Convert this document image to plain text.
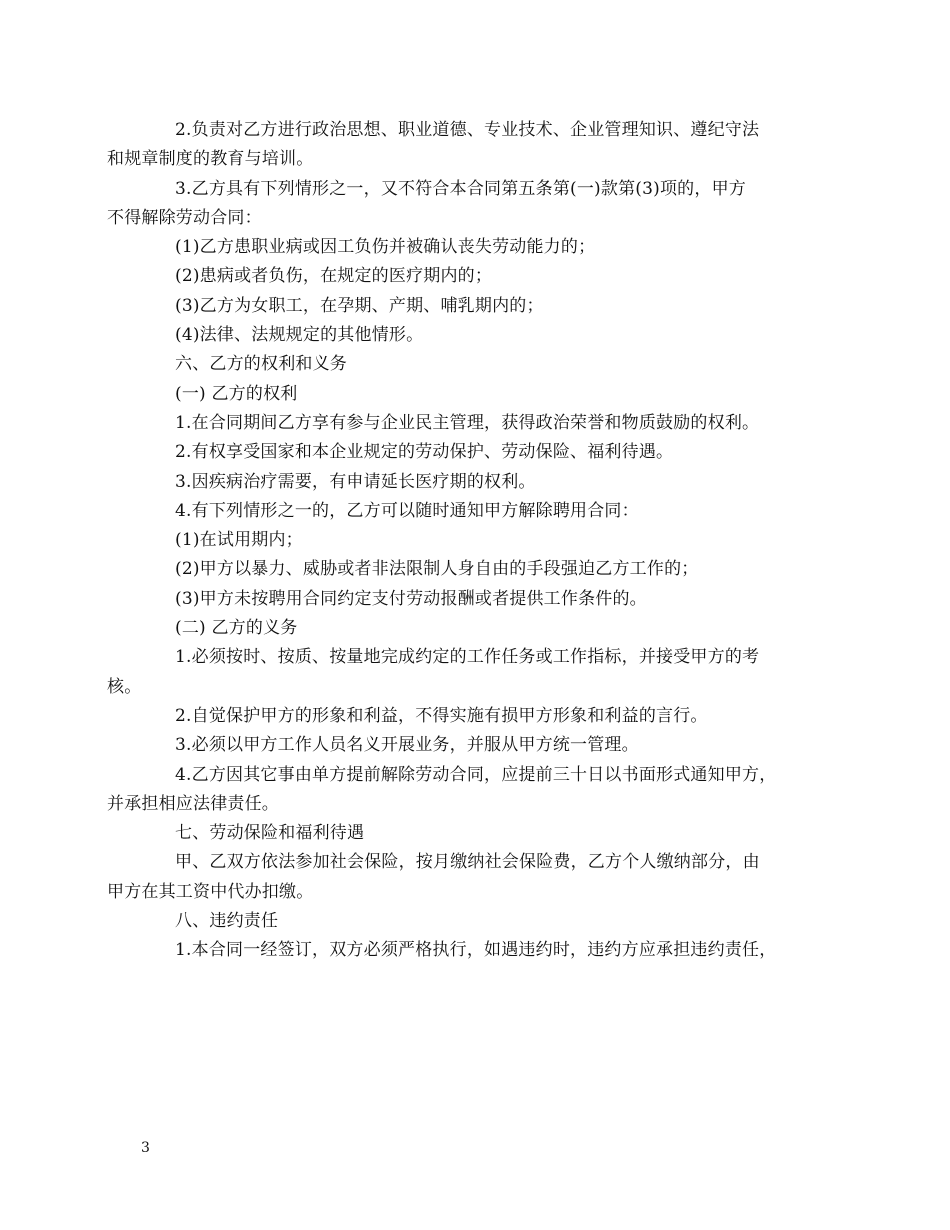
2.负责对乙方进行政治思想、职业道德、专业技术、企业管理知识、遵纪守法
和规章制度的教育与培训。

3.乙方具有下列情形之一，又不符合本合同第五条第(一)款第(3)项的，甲方
不得解除劳动合同：

(1)乙方患职业病或因工负伤并被确认丧失劳动能力的；

(2)患病或者负伤，在规定的医疗期内的；

(3)乙方为女职工，在孕期、产期、哺乳期内的；

(4)法律、法规规定的其他情形。

六、乙方的权利和义务

(一) 乙方的权利

1.在合同期间乙方享有参与企业民主管理，获得政治荣誉和物质鼓励的权利。

2.有权享受国家和本企业规定的劳动保护、劳动保险、福利待遇。

3.因疾病治疗需要，有申请延长医疗期的权利。

4.有下列情形之一的，乙方可以随时通知甲方解除聘用合同：

(1)在试用期内；

(2)甲方以暴力、威胁或者非法限制人身自由的手段强迫乙方工作的；

(3)甲方未按聘用合同约定支付劳动报酬或者提供工作条件的。

(二) 乙方的义务

1.必须按时、按质、按量地完成约定的工作任务或工作指标，并接受甲方的考
核。

2.自觉保护甲方的形象和利益，不得实施有损甲方形象和利益的言行。

3.必须以甲方工作人员名义开展业务，并服从甲方统一管理。

4.乙方因其它事由单方提前解除劳动合同，应提前三十日以书面形式通知甲方，
并承担相应法律责任。

七、劳动保险和福利待遇

甲、乙双方依法参加社会保险，按月缴纳社会保险费，乙方个人缴纳部分，由
甲方在其工资中代办扣缴。

八、违约责任

1.本合同一经签订，双方必须严格执行，如遇违约时，违约方应承担违约责任，

3
